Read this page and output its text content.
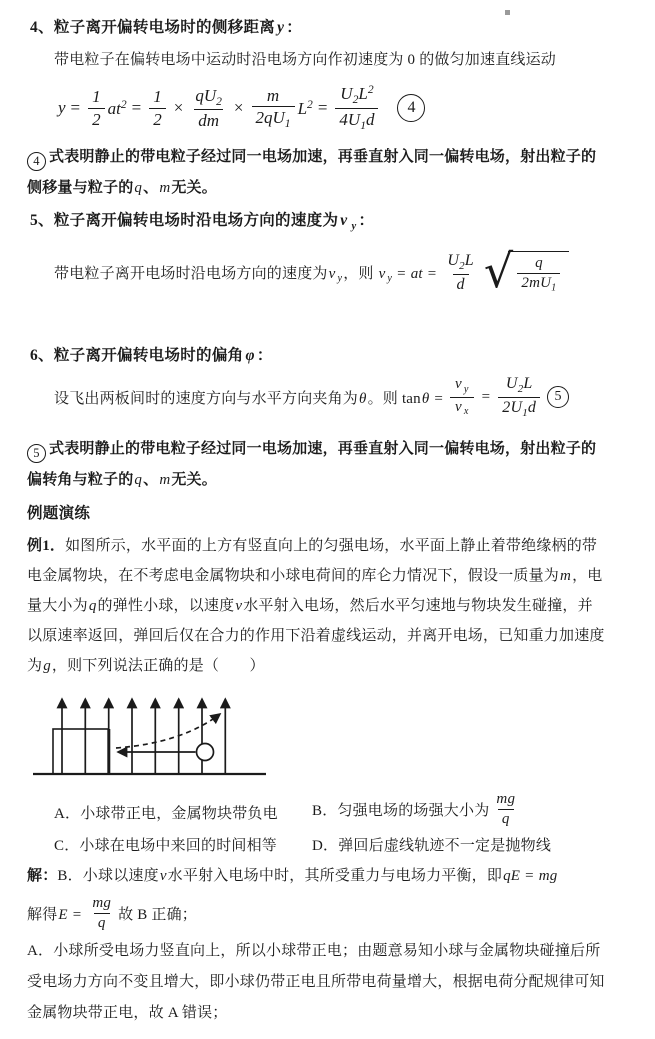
4、粒子离开偏转电场时的侧移距离 y ：
带电粒子在偏转电场中运动时沿电场方向作初速度为 0 的做匀加速直线运动
$y = \frac{1}{2} at^2 = \frac{1}{2} \times \frac{qU_2}{dm} \times \frac{m}{2qU_1} L^2 = \frac{U_2L^2}{4U_1d}$	4
4 式表明静止的带电粒子经过同一电场加速，再垂直射入同一偏转电场，射出粒子的
侧移量与粒子的q、m无关。
5、粒子离开偏转电场时沿电场方向的速度为 v $_y$ ：
带电粒子离开电场时沿电场方向的速度为v $_y$，则 v $_y$ = at = $\frac{U_2L}{d}$ √ $\frac{q}{2mU_1}$
6、粒子离开偏转电场时的偏角 φ ：
设飞出两板间时的速度方向与水平方向夹角为θ。则 $\tan\theta = \frac{v _y}{v _x} = \frac{U_2L}{2U_1d}$	5
5 式表明静止的带电粒子经过同一电场加速，再垂直射入同一偏转电场，射出粒子的
偏转角与粒子的q、m无关。
例题演练
例1．如图所示，水平面的上方有竖直向上的匀强电场，水平面上静止着带绝缘柄的带
电金属物块，在不考虑电金属物块和小球电荷间的库仑力情况下，假设一质量为m，电
量大小为q的弹性小球，以速度v水平射入电场，然后水平匀速地与物块发生碰撞，并
以原速率返回，弹回后仅在合力的作用下沿着虚线运动，并离开电场，已知重力加速度
为g，则下列说法正确的是（　　）
A．小球带正电，金属物块带负电 B．匀强电场的场强大小为 $\frac{mg}{q}$
C．小球在电场中来回的时间相等 D．弹回后虚线轨迹不一定是抛物线
解：B．小球以速度v水平射入电场中时，其所受重力与电场力平衡，即qE = mg
解得$E = \frac{mg}{q}$ 故 B 正确；
A．小球所受电场力竖直向上，所以小球带正电；由题意易知小球与金属物块碰撞后所
受电场力方向不变且增大，即小球仍带正电且所带电荷量增大，根据电荷分配规律可知
金属物块带正电，故 A 错误；
